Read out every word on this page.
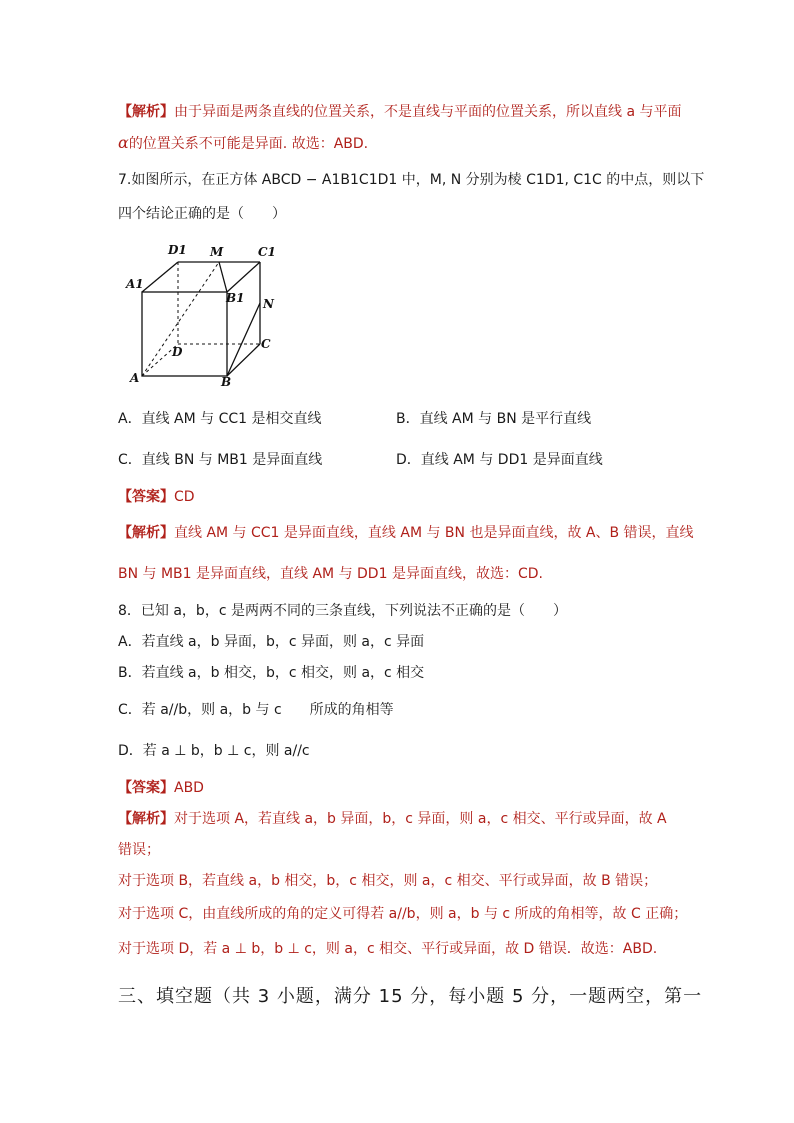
【解析】由于异面是两条直线的位置关系，不是直线与平面的位置关系，所以直线 a 与平面
α的位置关系不可能是异面. 故选：ABD.
7.如图所示，在正方体 ABCD − A1B1C1D1 中，M, N 分别为棱 C1D1, C1C 的中点，则以下
四个结论正确的是（　　）
D1 M	C1
A1
B1 N
D
C
A	B
A．直线 AM 与 CC1 是相交直线	B．直线 AM 与 BN 是平行直线
C．直线 BN 与 MB1 是异面直线	D．直线 AM 与 DD1 是异面直线
【答案】CD
【解析】直线 AM 与 CC1 是异面直线，直线 AM 与 BN 也是异面直线，故 A、B 错误，直线
BN 与 MB1 是异面直线，直线 AM 与 DD1 是异面直线，故选：CD.
8．已知 a，b，c 是两两不同的三条直线，下列说法不正确的是（　　）
A．若直线 a，b 异面，b，c 异面，则 a，c 异面
B．若直线 a，b 相交，b，c 相交，则 a，c 相交
C．若 a//b，则 a，b 与 c　　所成的角相等
D．若 a ⊥ b，b ⊥ c，则 a//c
【答案】ABD
【解析】对于选项 A，若直线 a，b 异面，b，c 异面，则 a，c 相交、平行或异面，故 A
错误；
对于选项 B，若直线 a，b 相交，b，c 相交，则 a，c 相交、平行或异面，故 B 错误；
对于选项 C，由直线所成的角的定义可得若 a//b，则 a，b 与 c 所成的角相等，故 C 正确；
对于选项 D，若 a ⊥ b，b ⊥ c，则 a，c 相交、平行或异面，故 D 错误．故选：ABD.
三、填空题（共 3 小题，满分 15 分，每小题 5 分，一题两空，第一
